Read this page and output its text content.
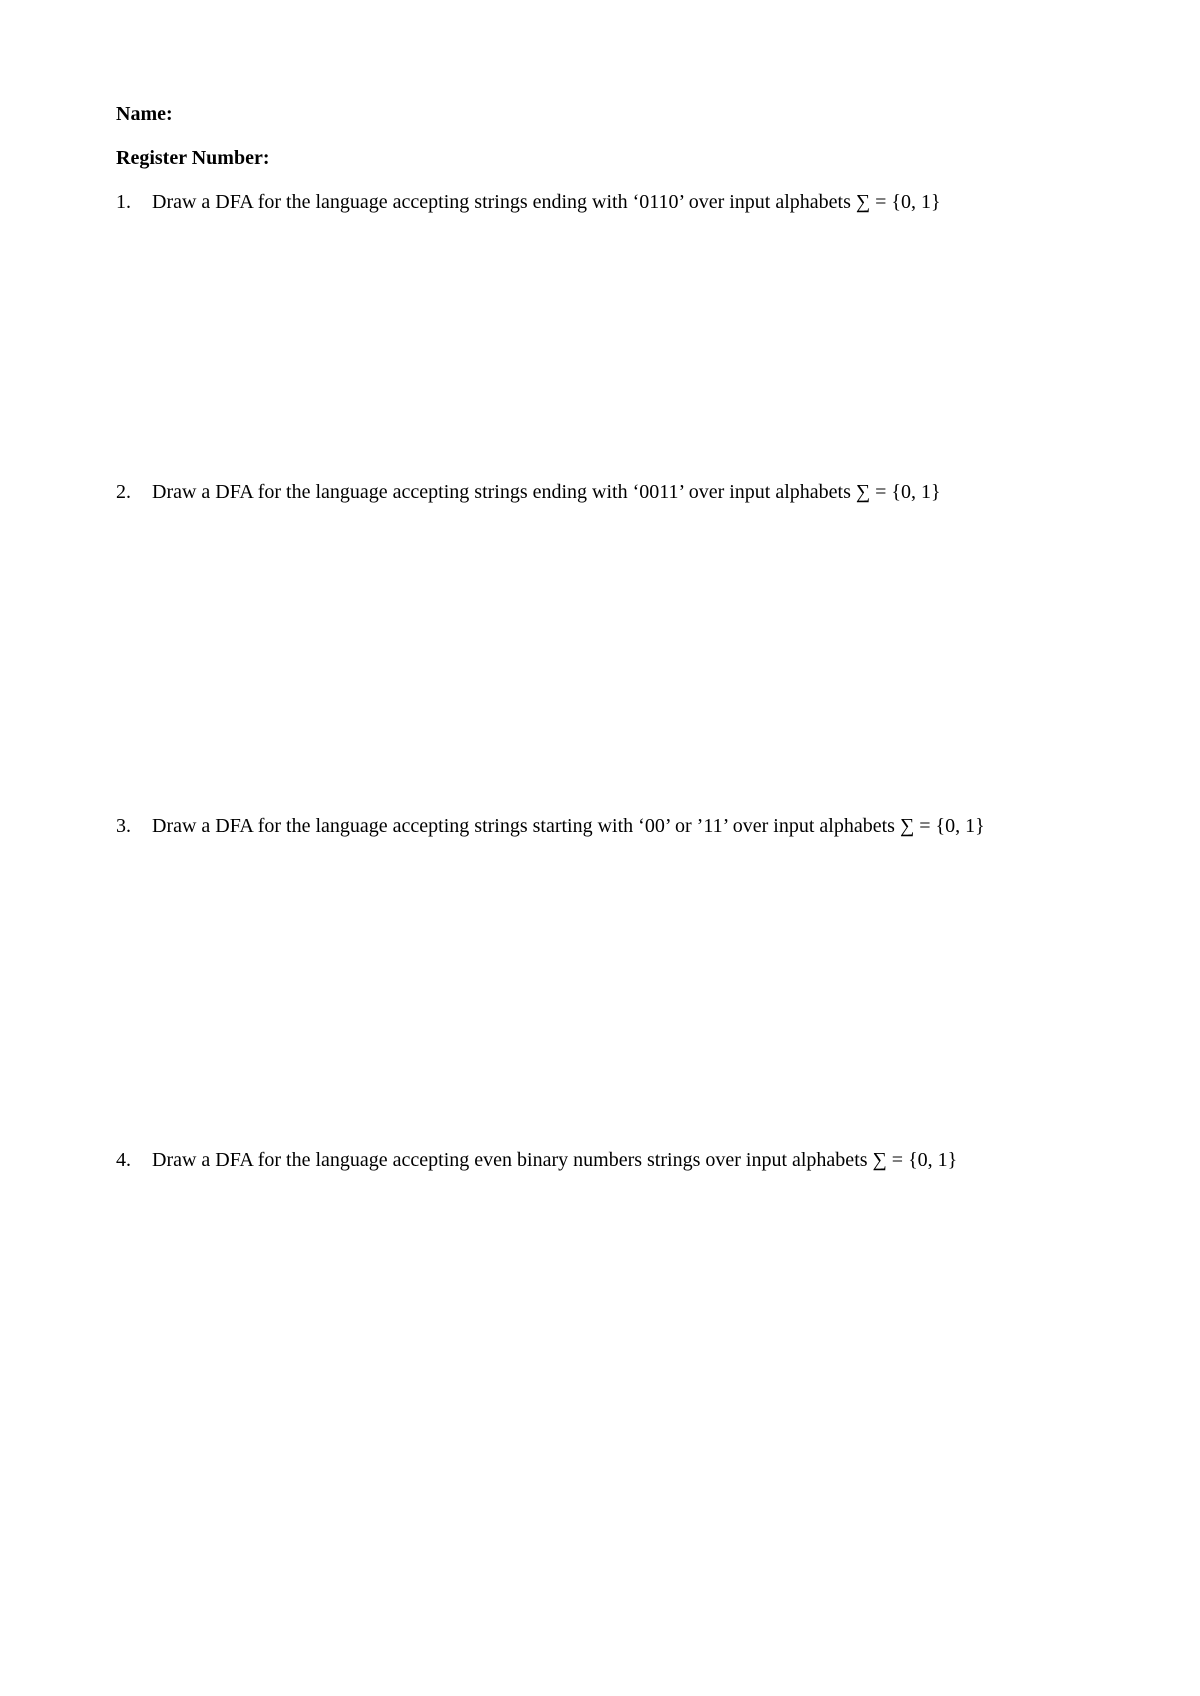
Name:
Register Number:
1. Draw a DFA for the language accepting strings ending with ‘0110’ over input alphabets ∑ = {0, 1}
2. Draw a DFA for the language accepting strings ending with ‘0011’ over input alphabets ∑ = {0, 1}
3. Draw a DFA for the language accepting strings starting with ‘00’ or ’11’ over input alphabets ∑ = {0, 1}
4. Draw a DFA for the language accepting even binary numbers strings over input alphabets ∑ = {0, 1}
